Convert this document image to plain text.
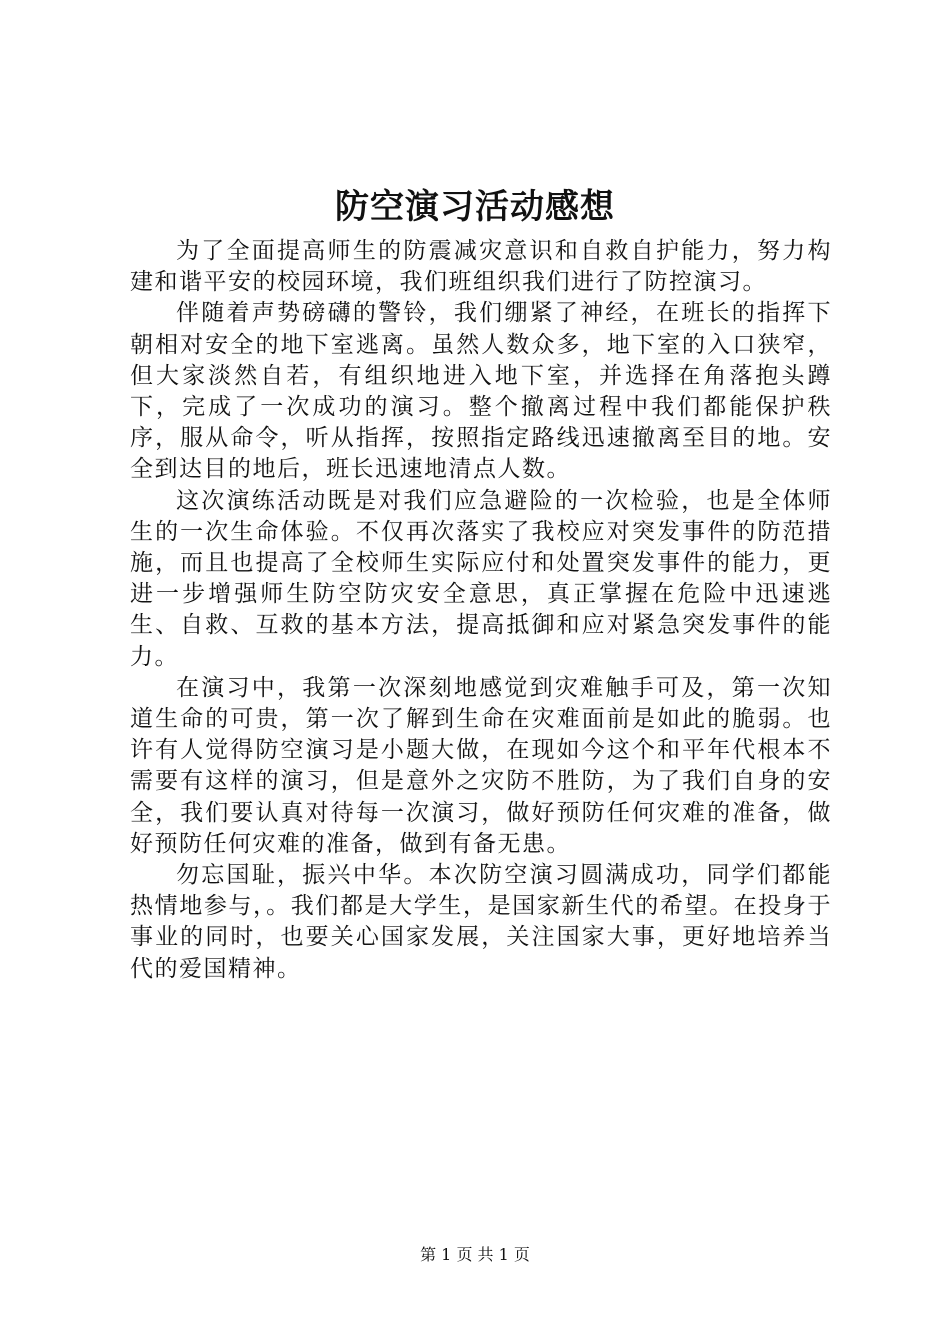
防空演习活动感想

为了全面提高师生的防震减灾意识和自救自护能力，努力构建和谐平安的校园环境，我们班组织我们进行了防控演习。

伴随着声势磅礴的警铃，我们绷紧了神经，在班长的指挥下朝相对安全的地下室逃离。虽然人数众多，地下室的入口狭窄，但大家淡然自若，有组织地进入地下室，并选择在角落抱头蹲下，完成了一次成功的演习。整个撤离过程中我们都能保护秩序，服从命令，听从指挥，按照指定路线迅速撤离至目的地。安全到达目的地后，班长迅速地清点人数。

这次演练活动既是对我们应急避险的一次检验，也是全体师生的一次生命体验。不仅再次落实了我校应对突发事件的防范措施，而且也提高了全校师生实际应付和处置突发事件的能力，更进一步增强师生防空防灾安全意思，真正掌握在危险中迅速逃生、自救、互救的基本方法，提高抵御和应对紧急突发事件的能力。

在演习中，我第一次深刻地感觉到灾难触手可及，第一次知道生命的可贵，第一次了解到生命在灾难面前是如此的脆弱。也许有人觉得防空演习是小题大做，在现如今这个和平年代根本不需要有这样的演习，但是意外之灾防不胜防，为了我们自身的安全，我们要认真对待每一次演习，做好预防任何灾难的准备，做好预防任何灾难的准备，做到有备无患。

勿忘国耻，振兴中华。本次防空演习圆满成功，同学们都能热情地参与，。我们都是大学生，是国家新生代的希望。在投身于事业的同时，也要关心国家发展，关注国家大事，更好地培养当代的爱国精神。

第 1 页 共 1 页
